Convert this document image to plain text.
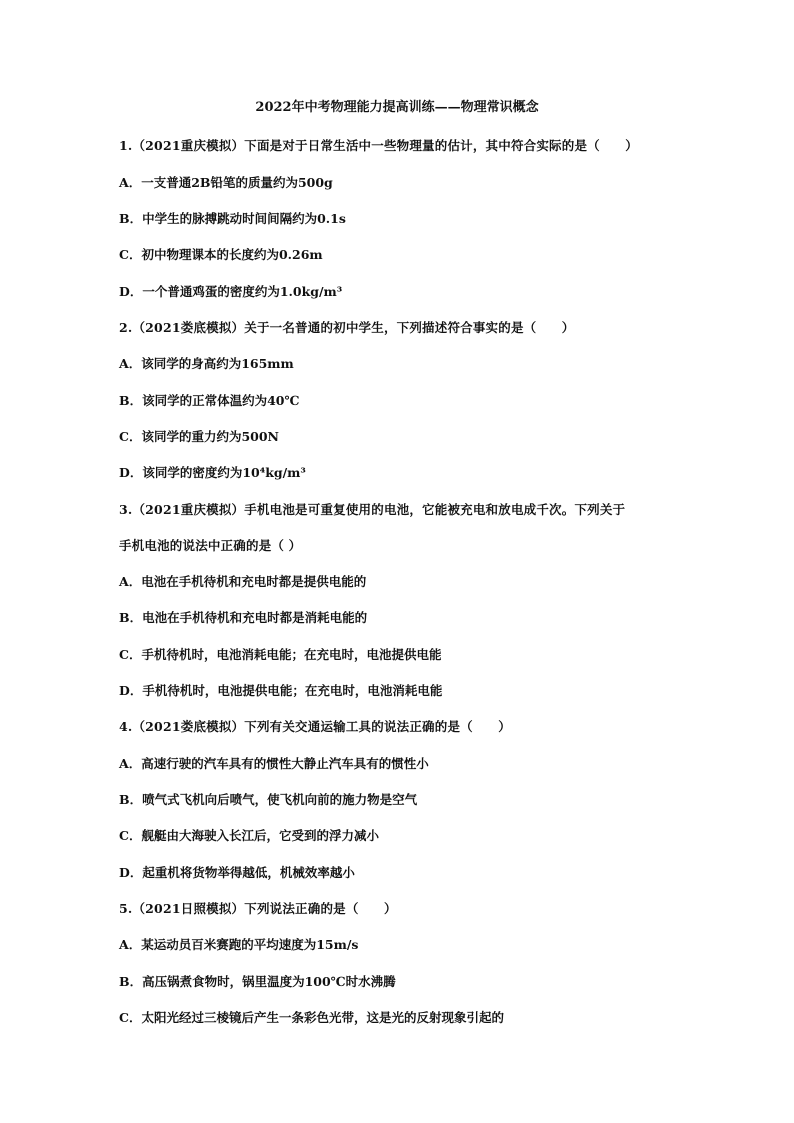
2022年中考物理能力提高训练——物理常识概念
1.（2021重庆模拟）下面是对于日常生活中一些物理量的估计，其中符合实际的是（　　）
A．一支普通2B铅笔的质量约为500g
B．中学生的脉搏跳动时间间隔约为0.1s
C．初中物理课本的长度约为0.26m
D．一个普通鸡蛋的密度约为1.0kg/m³
2.（2021娄底模拟）关于一名普通的初中学生，下列描述符合事实的是（　　）
A．该同学的身高约为165mm
B．该同学的正常体温约为40℃
C．该同学的重力约为500N
D．该同学的密度约为10⁴kg/m³
3.（2021重庆模拟）手机电池是可重复使用的电池，它能被充电和放电成千次。下列关于
手机电池的说法中正确的是（ ）
A．电池在手机待机和充电时都是提供电能的
B．电池在手机待机和充电时都是消耗电能的
C．手机待机时，电池消耗电能；在充电时，电池提供电能
D．手机待机时，电池提供电能；在充电时，电池消耗电能
4.（2021娄底模拟）下列有关交通运输工具的说法正确的是（　　）
A．高速行驶的汽车具有的惯性大静止汽车具有的惯性小
B．喷气式飞机向后喷气，使飞机向前的施力物是空气
C．舰艇由大海驶入长江后，它受到的浮力减小
D．起重机将货物举得越低，机械效率越小
5.（2021日照模拟）下列说法正确的是（　　）
A．某运动员百米赛跑的平均速度为15m/s
B．高压锅煮食物时，锅里温度为100℃时水沸腾
C．太阳光经过三棱镜后产生一条彩色光带，这是光的反射现象引起的
